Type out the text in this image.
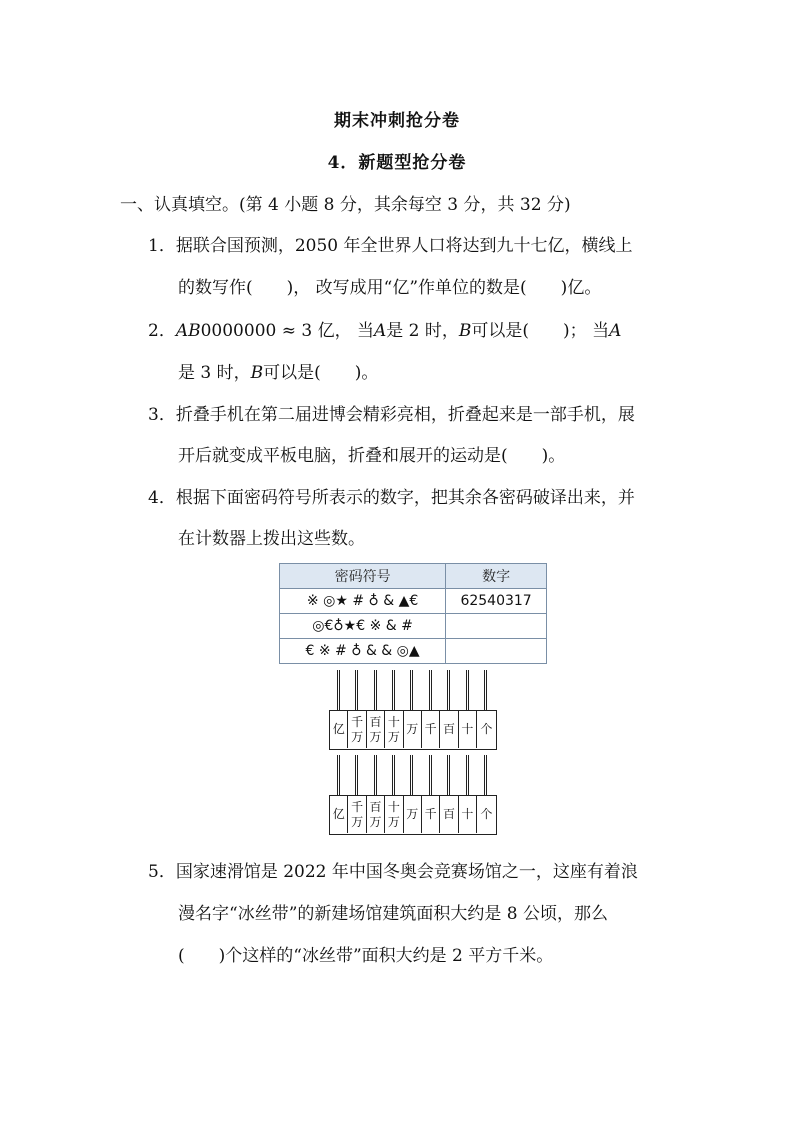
期末冲刺抢分卷
4．新题型抢分卷
一、认真填空。(第 4 小题 8 分，其余每空 3 分，共 32 分)
1．据联合国预测，2050 年全世界人口将达到九十七亿，横线上
的数写作(　　)， 改写成用“亿”作单位的数是(　　)亿。
2．AB0000000 ≈ 3 亿， 当A是 2 时，B可以是(　　)； 当A
是 3 时，B可以是(　　)。
3．折叠手机在第二届进博会精彩亮相，折叠起来是一部手机，展
开后就变成平板电脑，折叠和展开的运动是(　　)。
4．根据下面密码符号所表示的数字，把其余各密码破译出来，并
在计数器上拨出这些数。
密码符号	数字
※ ◎★ # ♁ & ▲€	62540317
◎€♁★€ ※ & #	
€ ※ # ♁ & & ◎▲	
亿
千万
百万
十万
万 千 百 十 个
亿
千万
百万
十万
万 千 百 十 个
5．国家速滑馆是 2022 年中国冬奥会竞赛场馆之一，这座有着浪
漫名字“冰丝带”的新建场馆建筑面积大约是 8 公顷，那么
(　　)个这样的“冰丝带”面积大约是 2 平方千米。
